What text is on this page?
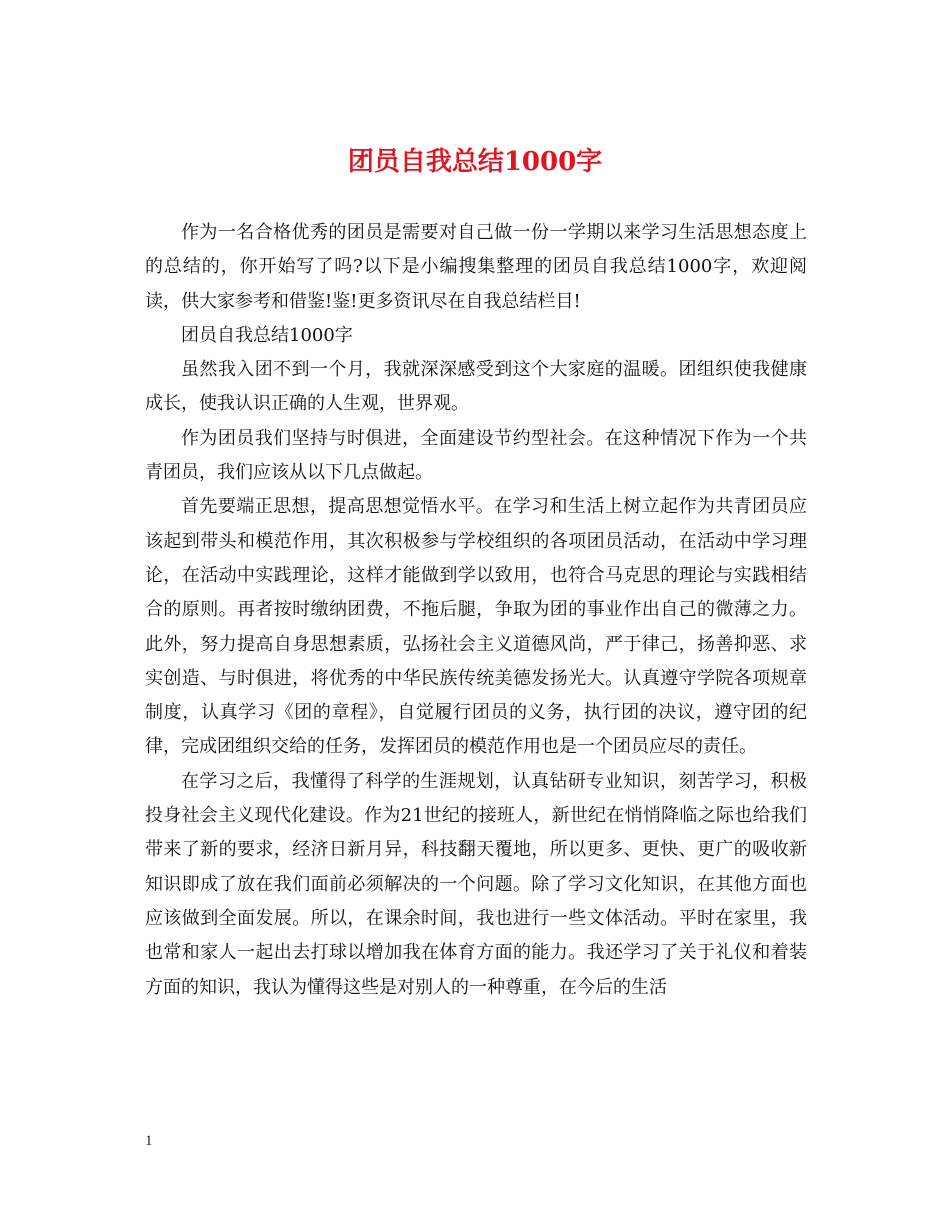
团员自我总结1000字

作为一名合格优秀的团员是需要对自己做一份一学期以来学习生活思想态度上的总结的，你开始写了吗?以下是小编搜集整理的团员自我总结1000字，欢迎阅读，供大家参考和借鉴!鉴!更多资讯尽在自我总结栏目!

团员自我总结1000字

虽然我入团不到一个月，我就深深感受到这个大家庭的温暖。团组织使我健康成长，使我认识正确的人生观，世界观。

作为团员我们坚持与时俱进，全面建设节约型社会。在这种情况下作为一个共青团员，我们应该从以下几点做起。

首先要端正思想，提高思想觉悟水平。在学习和生活上树立起作为共青团员应该起到带头和模范作用，其次积极参与学校组织的各项团员活动，在活动中学习理论，在活动中实践理论，这样才能做到学以致用，也符合马克思的理论与实践相结合的原则。再者按时缴纳团费，不拖后腿，争取为团的事业作出自己的微薄之力。此外，努力提高自身思想素质，弘扬社会主义道德风尚，严于律己，扬善抑恶、求实创造、与时俱进，将优秀的中华民族传统美德发扬光大。认真遵守学院各项规章制度，认真学习《团的章程》，自觉履行团员的义务，执行团的决议，遵守团的纪律，完成团组织交给的任务，发挥团员的模范作用也是一个团员应尽的责任。

在学习之后，我懂得了科学的生涯规划，认真钻研专业知识，刻苦学习，积极投身社会主义现代化建设。作为21世纪的接班人，新世纪在悄悄降临之际也给我们带来了新的要求，经济日新月异，科技翻天覆地，所以更多、更快、更广的吸收新知识即成了放在我们面前必须解决的一个问题。除了学习文化知识，在其他方面也应该做到全面发展。所以，在课余时间，我也进行一些文体活动。平时在家里，我也常和家人一起出去打球以增加我在体育方面的能力。我还学习了关于礼仪和着装方面的知识，我认为懂得这些是对别人的一种尊重，在今后的生活

1
